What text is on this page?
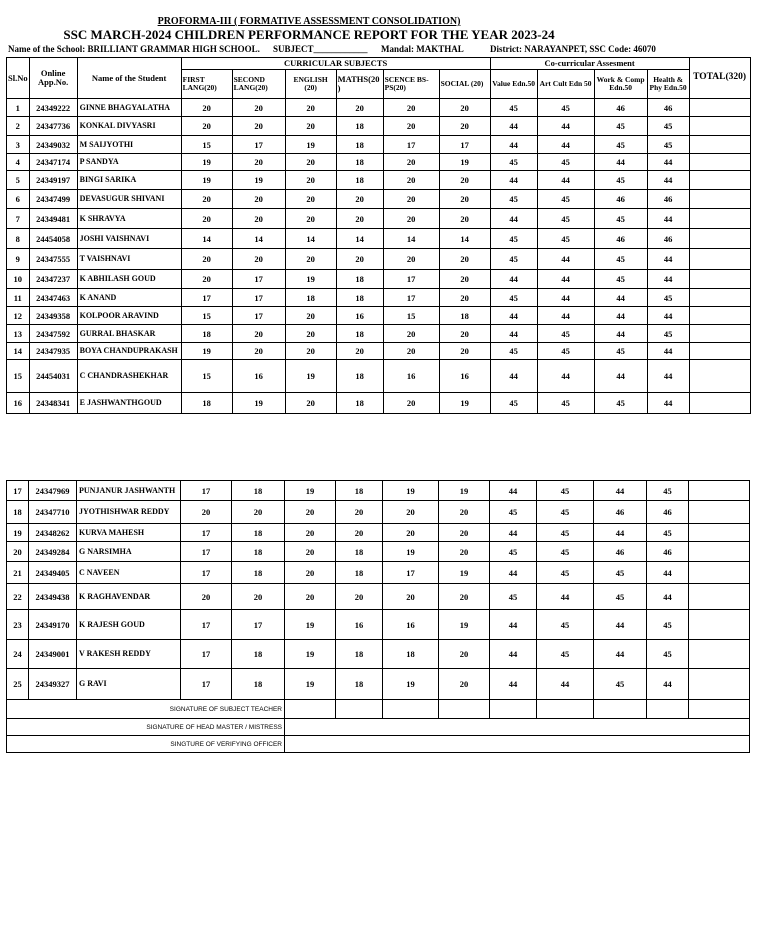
PROFORMA-III ( FORMATIVE ASSESSMENT CONSOLIDATION)
SSC MARCH-2024 CHILDREN PERFORMANCE REPORT FOR THE YEAR 2023-24
Name of the School: BRILLIANT GRAMMAR HIGH SCHOOL. SUBJECT____________ Mandal: MAKTHAL	District: NARAYANPET, SSC Code: 46070
Sl.No	Online App.No.	Name of the Student	CURRICULAR SUBJECTS						Co-curricular Assesment				TOTAL(320)
			FIRST LANG(20)	SECOND LANG(20)	ENGLISH (20)	MATHS(20 )	SCENCE BS-PS(20)	SOCIAL (20)	Value Edn.50	Art Cult Edn 50	Work & Comp Edn.50	Health & Phy Edn.50	
1	24349222	GINNE BHAGYALATHA	20	20	20	20	20	20	45	45	46	46	
2	24347736	KONKAL DIVYASRI	20	20	20	18	20	20	44	44	45	45	
3	24349032	M SAIJYOTHI	15	17	19	18	17	17	44	44	45	45	
4	24347174	P SANDYA	19	20	20	18	20	19	45	45	44	44	
5	24349197	BINGI SARIKA	19	19	20	18	20	20	44	44	45	44	
6	24347499	DEVASUGUR SHIVANI	20	20	20	20	20	20	45	45	46	46	
7	24349481	K SHRAVYA	20	20	20	20	20	20	44	45	45	44	
8	24454058	JOSHI VAISHNAVI	14	14	14	14	14	14	45	45	46	46	
9	24347555	T VAISHNAVI	20	20	20	20	20	20	45	44	45	44	
10	24347237	K ABHILASH GOUD	20	17	19	18	17	20	44	44	45	44	
11	24347463	K ANAND	17	17	18	18	17	20	45	44	44	45	
12	24349358	KOLPOOR ARAVIND	15	17	20	16	15	18	44	44	44	44	
13	24347592	GURRAL BHASKAR	18	20	20	18	20	20	44	45	44	45	
14	24347935	BOYA CHANDUPRAKASH	19	20	20	20	20	20	45	45	45	44	
15	24454031	C CHANDRASHEKHAR	15	16	19	18	16	16	44	44	44	44	
16	24348341	E JASHWANTHGOUD	18	19	20	18	20	19	45	45	45	44	
17	24347969	PUNJANUR JASHWANTH	17	18	19	18	19	19	44	45	44	45	
18	24347710	JYOTHISHWAR REDDY	20	20	20	20	20	20	45	45	46	46	
19	24348262	KURVA MAHESH	17	18	20	20	20	20	44	45	44	45	
20	24349284	G NARSIMHA	17	18	20	18	19	20	45	45	46	46	
21	24349405	C NAVEEN	17	18	20	18	17	19	44	45	45	44	
22	24349438	K RAGHAVENDAR	20	20	20	20	20	20	45	44	45	44	
23	24349170	K RAJESH GOUD	17	17	19	16	16	19	44	45	44	45	
24	24349001	V RAKESH REDDY	17	18	19	18	18	20	44	45	44	45	
25	24349327	G RAVI	17	18	19	18	19	20	44	44	45	44	
SIGNATURE OF SUBJECT TEACHER													
SIGNATURE OF HEAD MASTER / MISTRESS													
SINGTURE OF VERIFYING OFFICER													
